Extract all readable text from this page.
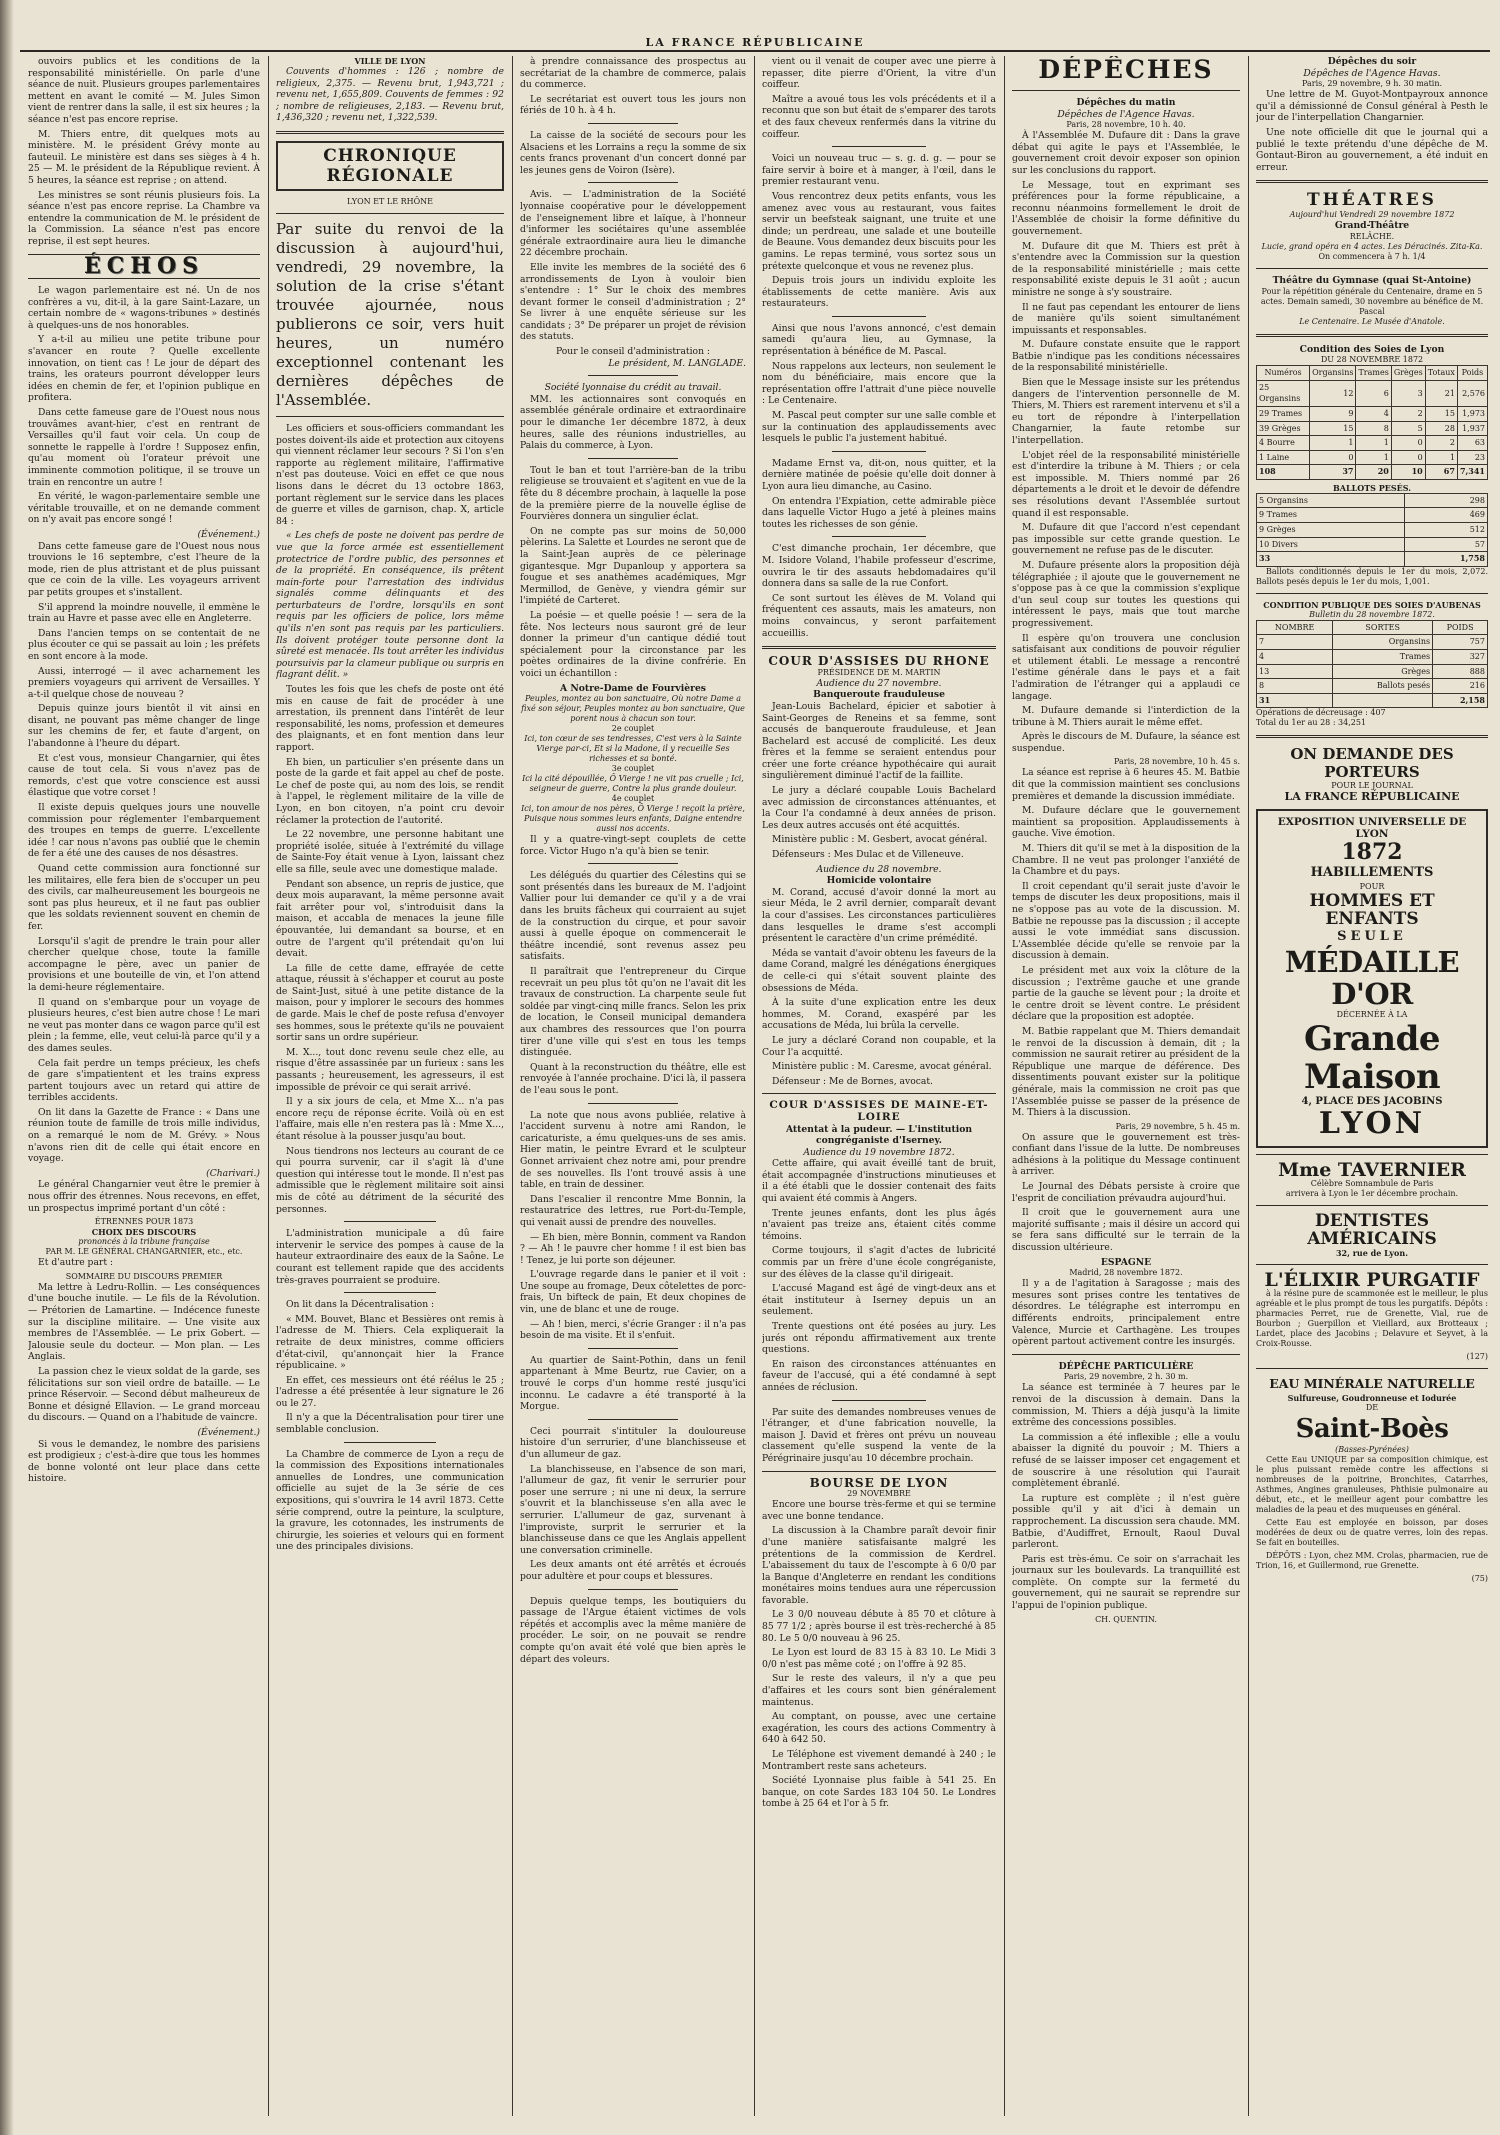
LA FRANCE RÉPUBLICAINE

ouvoirs publics et les conditions de la responsabilité ministérielle. On parle d'une séance de nuit. Plusieurs groupes parlementaires mettent en avant le comité — M. Jules Simon vient de rentrer dans la salle, il est six heures ; la séance n'est pas encore reprise.

M. Thiers entre, dit quelques mots au ministère. M. le président Grévy monte au fauteuil. Le ministère est dans ses sièges à 4 h. 25 — M. le président de la République revient. À 5 heures, la séance est reprise ; on attend.

Les ministres se sont réunis plusieurs fois. La séance n'est pas encore reprise. La Chambre va entendre la communication de M. le président de la Commission. La séance n'est pas encore reprise, il est sept heures.

ÉCHOS

Le wagon parlementaire est né. Un de nos confrères a vu, dit-il, à la gare Saint-Lazare, un certain nombre de « wagons-tribunes » destinés à quelques-uns de nos honorables.

Y a-t-il au milieu une petite tribune pour s'avancer en route ? Quelle excellente innovation, on tient cas ! Le jour de départ des trains, les orateurs pourront développer leurs idées en chemin de fer, et l'opinion publique en profitera.

Dans cette fameuse gare de l'Ouest nous nous trouvâmes avant-hier, c'est en rentrant de Versailles qu'il faut voir cela. Un coup de sonnette le rappelle à l'ordre ! Supposez enfin, qu'au moment où l'orateur prévoit une imminente commotion politique, il se trouve un train en rencontre un autre !

En vérité, le wagon-parlementaire semble une véritable trouvaille, et on ne demande comment on n'y avait pas encore songé !

(Événement.)

Dans cette fameuse gare de l'Ouest nous nous trouvions le 16 septembre, c'est l'heure de la mode, rien de plus attristant et de plus puissant que ce coin de la ville. Les voyageurs arrivent par petits groupes et s'installent.

S'il apprend la moindre nouvelle, il emmène le train au Havre et passe avec elle en Angleterre.

Dans l'ancien temps on se contentait de ne plus écouter ce qui se passait au loin ; les préfets en sont encore à la mode.

Aussi, interrogé — il avec acharnement les premiers voyageurs qui arrivent de Versailles. Y a-t-il quelque chose de nouveau ?

Depuis quinze jours bientôt il vit ainsi en disant, ne pouvant pas même changer de linge sur les chemins de fer, et faute d'argent, on l'abandonne à l'heure du départ.

Et c'est vous, monsieur Changarnier, qui êtes cause de tout cela. Si vous n'avez pas de remords, c'est que votre conscience est aussi élastique que votre corset !

Il existe depuis quelques jours une nouvelle commission pour réglementer l'embarquement des troupes en temps de guerre. L'excellente idée ! car nous n'avons pas oublié que le chemin de fer a été une des causes de nos désastres.

Quand cette commission aura fonctionné sur les militaires, elle fera bien de s'occuper un peu des civils, car malheureusement les bourgeois ne sont pas plus heureux, et il ne faut pas oublier que les soldats reviennent souvent en chemin de fer.

Lorsqu'il s'agit de prendre le train pour aller chercher quelque chose, toute la famille accompagne le père, avec un panier de provisions et une bouteille de vin, et l'on attend la demi-heure réglementaire.

Il quand on s'embarque pour un voyage de plusieurs heures, c'est bien autre chose ! Le mari ne veut pas monter dans ce wagon parce qu'il est plein ; la femme, elle, veut celui-là parce qu'il y a des dames seules.

Cela fait perdre un temps précieux, les chefs de gare s'impatientent et les trains express partent toujours avec un retard qui attire de terribles accidents.

On lit dans la Gazette de France : « Dans une réunion toute de famille de trois mille individus, on a remarqué le nom de M. Grévy. » Nous n'avons rien dit de celle qui était encore en voyage.

(Charivari.)

Le général Changarnier veut être le premier à nous offrir des étrennes. Nous recevons, en effet, un prospectus imprimé portant d'un côté :

ÉTRENNES POUR 1873
CHOIX DES DISCOURS
prononcés à la tribune française
PAR M. LE GÉNÉRAL CHANGARNIER, etc., etc.

Et d'autre part :

SOMMAIRE DU DISCOURS PREMIER

Ma lettre à Ledru-Rollin. — Les conséquences d'une bouche inutile. — Le fils de la Révolution. — Prétorien de Lamartine. — Indécence funeste sur la discipline militaire. — Une visite aux membres de l'Assemblée. — Le prix Gobert. — Jalousie seule du docteur. — Mon plan. — Les Anglais.

La passion chez le vieux soldat de la garde, ses félicitations sur son vieil ordre de bataille. — Le prince Réservoir. — Second début malheureux de Bonne et désigné Ellavion. — Le grand morceau du discours. — Quand on a l'habitude de vaincre.

(Événement.)

Si vous le demandez, le nombre des parisiens est prodigieux ; c'est-à-dire que tous les hommes de bonne volonté ont leur place dans cette histoire.

VILLE DE LYON

Couvents d'hommes : 126 ; nombre de religieux, 2,375. — Revenu brut, 1,943,721 ; revenu net, 1,655,809. Couvents de femmes : 92 ; nombre de religieuses, 2,183. — Revenu brut, 1,436,320 ; revenu net, 1,322,539.

CHRONIQUE RÉGIONALE
LYON ET LE RHÔNE
Par suite du renvoi de la discussion à aujourd'hui, vendredi, 29 novembre, la solution de la crise s'étant trouvée ajournée, nous publierons ce soir, vers huit heures, un numéro exceptionnel contenant les dernières dépêches de l'Assemblée.

Les officiers et sous-officiers commandant les postes doivent-ils aide et protection aux citoyens qui viennent réclamer leur secours ? Si l'on s'en rapporte au règlement militaire, l'affirmative n'est pas douteuse. Voici en effet ce que nous lisons dans le décret du 13 octobre 1863, portant règlement sur le service dans les places de guerre et villes de garnison, chap. X, article 84 :

« Les chefs de poste ne doivent pas perdre de vue que la force armée est essentiellement protectrice de l'ordre public, des personnes et de la propriété. En conséquence, ils prêtent main-forte pour l'arrestation des individus signalés comme délinquants et des perturbateurs de l'ordre, lorsqu'ils en sont requis par les officiers de police, lors même qu'ils n'en sont pas requis par les particuliers. Ils doivent protéger toute personne dont la sûreté est menacée. Ils tout arrêter les individus poursuivis par la clameur publique ou surpris en flagrant délit. »

Toutes les fois que les chefs de poste ont été mis en cause de fait de procéder à une arrestation, ils prennent dans l'intérêt de leur responsabilité, les noms, profession et demeures des plaignants, et en font mention dans leur rapport.

Eh bien, un particulier s'en présente dans un poste de la garde et fait appel au chef de poste. Le chef de poste qui, au nom des lois, se rendit à l'appel, le règlement militaire de la ville de Lyon, en bon citoyen, n'a point cru devoir réclamer la protection de l'autorité.

Le 22 novembre, une personne habitant une propriété isolée, située à l'extrémité du village de Sainte-Foy était venue à Lyon, laissant chez elle sa fille, seule avec une domestique malade.

Pendant son absence, un repris de justice, que deux mois auparavant, la même personne avait fait arrêter pour vol, s'introduisit dans la maison, et accabla de menaces la jeune fille épouvantée, lui demandant sa bourse, et en outre de l'argent qu'il prétendait qu'on lui devait.

La fille de cette dame, effrayée de cette attaque, réussit à s'échapper et courut au poste de Saint-Just, situé à une petite distance de la maison, pour y implorer le secours des hommes de garde. Mais le chef de poste refusa d'envoyer ses hommes, sous le prétexte qu'ils ne pouvaient sortir sans un ordre supérieur.

M. X..., tout donc revenu seule chez elle, au risque d'être assassinée par un furieux : sans les passants ; heureusement, les agresseurs, il est impossible de prévoir ce qui serait arrivé.

Il y a six jours de cela, et Mme X... n'a pas encore reçu de réponse écrite. Voilà où en est l'affaire, mais elle n'en restera pas là : Mme X..., étant résolue à la pousser jusqu'au bout.

Nous tiendrons nos lecteurs au courant de ce qui pourra survenir, car il s'agit là d'une question qui intéresse tout le monde. Il n'est pas admissible que le règlement militaire soit ainsi mis de côté au détriment de la sécurité des personnes.

L'administration municipale a dû faire intervenir le service des pompes à cause de la hauteur extraordinaire des eaux de la Saône. Le courant est tellement rapide que des accidents très-graves pourraient se produire.

On lit dans la Décentralisation :

« MM. Bouvet, Blanc et Bessières ont remis à l'adresse de M. Thiers. Cela expliquerait la retraite de deux ministres, comme officiers d'état-civil, qu'annonçait hier la France républicaine. »

En effet, ces messieurs ont été réélus le 25 ; l'adresse a été présentée à leur signature le 26 ou le 27.

Il n'y a que la Décentralisation pour tirer une semblable conclusion.

La Chambre de commerce de Lyon a reçu de la commission des Expositions internationales annuelles de Londres, une communication officielle au sujet de la 3e série de ces expositions, qui s'ouvrira le 14 avril 1873. Cette série comprend, outre la peinture, la sculpture, la gravure, les cotonnades, les instruments de chirurgie, les soieries et velours qui en forment une des principales divisions.

à prendre connaissance des prospectus au secrétariat de la chambre de commerce, palais du commerce.

Le secrétariat est ouvert tous les jours non fériés de 10 h. à 4 h.

La caisse de la société de secours pour les Alsaciens et les Lorrains a reçu la somme de six cents francs provenant d'un concert donné par les jeunes gens de Voiron (Isère).

Avis. — L'administration de la Société lyonnaise coopérative pour le développement de l'enseignement libre et laïque, à l'honneur d'informer les sociétaires qu'une assemblée générale extraordinaire aura lieu le dimanche 22 décembre prochain.

Elle invite les membres de la société des 6 arrondissements de Lyon à vouloir bien s'entendre : 1° Sur le choix des membres devant former le conseil d'administration ; 2° Se livrer à une enquête sérieuse sur les candidats ; 3° De préparer un projet de révision des statuts.

Pour le conseil d'administration :
Le président, M. LANGLADE.
Société lyonnaise du crédit au travail.

MM. les actionnaires sont convoqués en assemblée générale ordinaire et extraordinaire pour le dimanche 1er décembre 1872, à deux heures, salle des réunions industrielles, au Palais du commerce, à Lyon.

Tout le ban et tout l'arrière-ban de la tribu religieuse se trouvaient et s'agitent en vue de la fête du 8 décembre prochain, à laquelle la pose de la première pierre de la nouvelle église de Fourvières donnera un singulier éclat.

On ne compte pas sur moins de 50,000 pèlerins. La Salette et Lourdes ne seront que de la Saint-Jean auprès de ce pèlerinage gigantesque. Mgr Dupanloup y apportera sa fougue et ses anathèmes académiques, Mgr Mermillod, de Genève, y viendra gémir sur l'impiété de Carteret.

La poésie — et quelle poésie ! — sera de la fête. Nos lecteurs nous sauront gré de leur donner la primeur d'un cantique dédié tout spécialement pour la circonstance par les poètes ordinaires de la divine confrérie. En voici un échantillon :

A Notre-Dame de Fourvières
Peuples, montez au bon sanctuaire, Où notre Dame a fixé son séjour, Peuples montez au bon sanctuaire, Que porent nous à chacun son tour.
2e couplet
Ici, ton cœur de ses tendresses, C'est vers à la Sainte Vierge par-ci, Et si la Madone, il y recueille Ses richesses et sa bonté.
3e couplet
Ici la cité dépouillée, Ô Vierge ! ne vit pas cruelle ; Ici, seigneur de guerre, Contre la plus grande douleur.
4e couplet
Ici, ton amour de nos pères, Ô Vierge ! reçoit la prière, Puisque nous sommes leurs enfants, Daigne entendre aussi nos accents.

Il y a quatre-vingt-sept couplets de cette force. Victor Hugo n'a qu'à bien se tenir.

Les délégués du quartier des Célestins qui se sont présentés dans les bureaux de M. l'adjoint Vallier pour lui demander ce qu'il y a de vrai dans les bruits fâcheux qui courraient au sujet de la construction du cirque, et pour savoir aussi à quelle époque on commencerait le théâtre incendié, sont revenus assez peu satisfaits.

Il paraîtrait que l'entrepreneur du Cirque recevrait un peu plus tôt qu'on ne l'avait dit les travaux de construction. La charpente seule fut soldée par vingt-cinq mille francs. Selon les prix de location, le Conseil municipal demandera aux chambres des ressources que l'on pourra tirer d'une ville qui s'est en tous les temps distinguée.

Quant à la reconstruction du théâtre, elle est renvoyée à l'année prochaine. D'ici là, il passera de l'eau sous le pont.

La note que nous avons publiée, relative à l'accident survenu à notre ami Randon, le caricaturiste, a ému quelques-uns de ses amis. Hier matin, le peintre Evrard et le sculpteur Gonnet arrivaient chez notre ami, pour prendre de ses nouvelles. Ils l'ont trouvé assis à une table, en train de dessiner.

Dans l'escalier il rencontre Mme Bonnin, la restauratrice des lettres, rue Port-du-Temple, qui venait aussi de prendre des nouvelles.

— Eh bien, mère Bonnin, comment va Randon ? — Ah ! le pauvre cher homme ! il est bien bas ! Tenez, je lui porte son déjeuner.

L'ouvrage regarde dans le panier et il voit : Une soupe au fromage, Deux côtelettes de porc-frais, Un bifteck de pain, Et deux chopines de vin, une de blanc et une de rouge.

— Ah ! bien, merci, s'écrie Granger : il n'a pas besoin de ma visite. Et il s'enfuit.

Au quartier de Saint-Pothin, dans un fenil appartenant à Mme Beurtz, rue Cavier, on a trouvé le corps d'un homme resté jusqu'ici inconnu. Le cadavre a été transporté à la Morgue.

Ceci pourrait s'intituler la douloureuse histoire d'un serrurier, d'une blanchisseuse et d'un allumeur de gaz.

La blanchisseuse, en l'absence de son mari, l'allumeur de gaz, fit venir le serrurier pour poser une serrure ; ni une ni deux, la serrure s'ouvrit et la blanchisseuse s'en alla avec le serrurier. L'allumeur de gaz, survenant à l'improviste, surprit le serrurier et la blanchisseuse dans ce que les Anglais appellent une conversation criminelle.

Les deux amants ont été arrêtés et écroués pour adultère et pour coups et blessures.

Depuis quelque temps, les boutiquiers du passage de l'Argue étaient victimes de vols répétés et accomplis avec la même manière de procéder. Le soir, on ne pouvait se rendre compte qu'on avait été volé que bien après le départ des voleurs.

vient ou il venait de couper avec une pierre à repasser, dite pierre d'Orient, la vitre d'un coiffeur.

Maître a avoué tous les vols précédents et il a reconnu que son but était de s'emparer des tarots et des faux cheveux renfermés dans la vitrine du coiffeur.

Voici un nouveau truc — s. g. d. g. — pour se faire servir à boire et à manger, à l'œil, dans le premier restaurant venu.

Vous rencontrez deux petits enfants, vous les amenez avec vous au restaurant, vous faites servir un beefsteak saignant, une truite et une dinde; un perdreau, une salade et une bouteille de Beaune. Vous demandez deux biscuits pour les gamins. Le repas terminé, vous sortez sous un prétexte quelconque et vous ne revenez plus.

Depuis trois jours un individu exploite les établissements de cette manière. Avis aux restaurateurs.

Ainsi que nous l'avons annoncé, c'est demain samedi qu'aura lieu, au Gymnase, la représentation à bénéfice de M. Pascal.

Nous rappelons aux lecteurs, non seulement le nom du bénéficiaire, mais encore que la représentation offre l'attrait d'une pièce nouvelle : Le Centenaire.

M. Pascal peut compter sur une salle comble et sur la continuation des applaudissements avec lesquels le public l'a justement habitué.

Madame Ernst va, dit-on, nous quitter, et la dernière matinée de poésie qu'elle doit donner à Lyon aura lieu dimanche, au Casino.

On entendra l'Expiation, cette admirable pièce dans laquelle Victor Hugo a jeté à pleines mains toutes les richesses de son génie.

C'est dimanche prochain, 1er décembre, que M. Isidore Voland, l'habile professeur d'escrime, ouvrira le tir des assauts hebdomadaires qu'il donnera dans sa salle de la rue Confort.

Ce sont surtout les élèves de M. Voland qui fréquentent ces assauts, mais les amateurs, non moins convaincus, y seront parfaitement accueillis.

COUR D'ASSISES DU RHONE
PRÉSIDENCE DE M. MARTIN
Audience du 27 novembre.
Banqueroute frauduleuse

Jean-Louis Bachelard, épicier et sabotier à Saint-Georges de Reneins et sa femme, sont accusés de banqueroute frauduleuse, et Jean Bachelard est accusé de complicité. Les deux frères et la femme se seraient entendus pour créer une forte créance hypothécaire qui aurait singulièrement diminué l'actif de la faillite.

Le jury a déclaré coupable Louis Bachelard avec admission de circonstances atténuantes, et la Cour l'a condamné à deux années de prison. Les deux autres accusés ont été acquittés.

Ministère public : M. Gesbert, avocat général.

Défenseurs : Mes Dulac et de Villeneuve.

Audience du 28 novembre.
Homicide volontaire

M. Corand, accusé d'avoir donné la mort au sieur Méda, le 2 avril dernier, comparaît devant la cour d'assises. Les circonstances particulières dans lesquelles le drame s'est accompli présentent le caractère d'un crime prémédité.

Méda se vantait d'avoir obtenu les faveurs de la dame Corand, malgré les dénégations énergiques de celle-ci qui s'était souvent plainte des obsessions de Méda.

À la suite d'une explication entre les deux hommes, M. Corand, exaspéré par les accusations de Méda, lui brûla la cervelle.

Le jury a déclaré Corand non coupable, et la Cour l'a acquitté.

Ministère public : M. Caresme, avocat général.

Défenseur : Me de Bornes, avocat.

COUR D'ASSISES DE MAINE-ET-LOIRE
Attentat à la pudeur. — L'institution congréganiste d'Iserney.
Audience du 19 novembre 1872.

Cette affaire, qui avait éveillé tant de bruit, était accompagnée d'instructions minutieuses et il a été établi que le dossier contenait des faits qui avaient été commis à Angers.

Trente jeunes enfants, dont les plus âgés n'avaient pas treize ans, étaient cités comme témoins.

Corme toujours, il s'agit d'actes de lubricité commis par un frère d'une école congréganiste, sur des élèves de la classe qu'il dirigeait.

L'accusé Magand est âgé de vingt-deux ans et était instituteur à Iserney depuis un an seulement.

Trente questions ont été posées au jury. Les jurés ont répondu affirmativement aux trente questions.

En raison des circonstances atténuantes en faveur de l'accusé, qui a été condamné à sept années de réclusion.

Par suite des demandes nombreuses venues de l'étranger, et d'une fabrication nouvelle, la maison J. David et frères ont prévu un nouveau classement qu'elle suspend la vente de la Pérégrinaire jusqu'au 10 décembre prochain.

BOURSE DE LYON
29 NOVEMBRE

Encore une bourse très-ferme et qui se termine avec une bonne tendance.

La discussion à la Chambre paraît devoir finir d'une manière satisfaisante malgré les prétentions de la commission de Kerdrel. L'abaissement du taux de l'escompte à 6 0/0 par la Banque d'Angleterre en rendant les conditions monétaires moins tendues aura une répercussion favorable.

Le 3 0/0 nouveau débute à 85 70 et clôture à 85 77 1/2 ; après bourse il est très-recherché à 85 80. Le 5 0/0 nouveau à 96 25.

Le Lyon est lourd de 83 15 à 83 10. Le Midi 3 0/0 n'est pas même coté ; on l'offre à 92 85.

Sur le reste des valeurs, il n'y a que peu d'affaires et les cours sont bien généralement maintenus.

Au comptant, on pousse, avec une certaine exagération, les cours des actions Commentry à 640 à 642 50.

Le Téléphone est vivement demandé à 240 ; le Montrambert reste sans acheteurs.

Société Lyonnaise plus faible à 541 25. En banque, on cote Sardes 183 104 50. Le Londres tombe à 25 64 et l'or à 5 fr.

DÉPÊCHES
Dépêches du matin
Dépêches de l'Agence Havas.
Paris, 28 novembre, 10 h. 40.

À l'Assemblée M. Dufaure dit : Dans la grave débat qui agite le pays et l'Assemblée, le gouvernement croit devoir exposer son opinion sur les conclusions du rapport.

Le Message, tout en exprimant ses préférences pour la forme républicaine, a reconnu néanmoins formellement le droit de l'Assemblée de choisir la forme définitive du gouvernement.

M. Dufaure dit que M. Thiers est prêt à s'entendre avec la Commission sur la question de la responsabilité ministérielle ; mais cette responsabilité existe depuis le 31 août ; aucun ministre ne songe à s'y soustraire.

Il ne faut pas cependant les entourer de liens de manière qu'ils soient simultanément impuissants et responsables.

M. Dufaure constate ensuite que le rapport Batbie n'indique pas les conditions nécessaires de la responsabilité ministérielle.

Bien que le Message insiste sur les prétendus dangers de l'intervention personnelle de M. Thiers, M. Thiers est rarement intervenu et s'il a eu tort de répondre à l'interpellation Changarnier, la faute retombe sur l'interpellation.

L'objet réel de la responsabilité ministérielle est d'interdire la tribune à M. Thiers ; or cela est impossible. M. Thiers nommé par 26 départements a le droit et le devoir de défendre ses résolutions devant l'Assemblée surtout quand il est responsable.

M. Dufaure dit que l'accord n'est cependant pas impossible sur cette grande question. Le gouvernement ne refuse pas de le discuter.

M. Dufaure présente alors la proposition déjà télégraphiée ; il ajoute que le gouvernement ne s'oppose pas à ce que la commission s'explique d'un seul coup sur toutes les questions qui intéressent le pays, mais que tout marche progressivement.

Il espère qu'on trouvera une conclusion satisfaisant aux conditions de pouvoir régulier et utilement établi. Le message a rencontré l'estime générale dans le pays et a fait l'admiration de l'étranger qui a applaudi ce langage.

M. Dufaure demande si l'interdiction de la tribune à M. Thiers aurait le même effet.

Après le discours de M. Dufaure, la séance est suspendue.

Paris, 28 novembre, 10 h. 45 s.

La séance est reprise à 6 heures 45. M. Batbie dit que la commission maintient ses conclusions premières et demande la discussion immédiate.

M. Dufaure déclare que le gouvernement maintient sa proposition. Applaudissements à gauche. Vive émotion.

M. Thiers dit qu'il se met à la disposition de la Chambre. Il ne veut pas prolonger l'anxiété de la Chambre et du pays.

Il croit cependant qu'il serait juste d'avoir le temps de discuter les deux propositions, mais il ne s'oppose pas au vote de la discussion. M. Batbie ne repousse pas la discussion ; il accepte aussi le vote immédiat sans discussion. L'Assemblée décide qu'elle se renvoie par la discussion à demain.

Le président met aux voix la clôture de la discussion ; l'extrême gauche et une grande partie de la gauche se lèvent pour ; la droite et le centre droit se lèvent contre. Le président déclare que la proposition est adoptée.

M. Batbie rappelant que M. Thiers demandait le renvoi de la discussion à demain, dit ; la commission ne saurait retirer au président de la République une marque de déférence. Des dissentiments pouvant exister sur la politique générale, mais la commission ne croit pas que l'Assemblée puisse se passer de la présence de M. Thiers à la discussion.

Paris, 29 novembre, 5 h. 45 m.

On assure que le gouvernement est très-confiant dans l'issue de la lutte. De nombreuses adhésions à la politique du Message continuent à arriver.

Le Journal des Débats persiste à croire que l'esprit de conciliation prévaudra aujourd'hui.

Il croit que le gouvernement aura une majorité suffisante ; mais il désire un accord qui se fera sans difficulté sur le terrain de la discussion ultérieure.

ESPAGNE
Madrid, 28 novembre 1872.

Il y a de l'agitation à Saragosse ; mais des mesures sont prises contre les tentatives de désordres. Le télégraphe est interrompu en différents endroits, principalement entre Valence, Murcie et Carthagène. Les troupes opèrent partout activement contre les insurgés.

DÉPÊCHE PARTICULIÈRE
Paris, 29 novembre, 2 h. 30 m.

La séance est terminée à 7 heures par le renvoi de la discussion à demain. Dans la commission, M. Thiers a déjà jusqu'à la limite extrême des concessions possibles.

La commission a été inflexible ; elle a voulu abaisser la dignité du pouvoir ; M. Thiers a refusé de se laisser imposer cet engagement et de souscrire à une résolution qui l'aurait complètement ébranlé.

La rupture est complète ; il n'est guère possible qu'il y ait d'ici à demain un rapprochement. La discussion sera chaude. MM. Batbie, d'Audiffret, Ernoult, Raoul Duval parleront.

Paris est très-ému. Ce soir on s'arrachait les journaux sur les boulevards. La tranquillité est complète. On compte sur la fermeté du gouvernement, qui ne saurait se reprendre sur l'appui de l'opinion publique.

CH. QUENTIN.
Dépêches du soir
Dépêches de l'Agence Havas.
Paris, 29 novembre, 9 h. 30 matin.

Une lettre de M. Guyot-Montpayroux annonce qu'il a démissionné de Consul général à Pesth le jour de l'interpellation Changarnier.

Une note officielle dit que le journal qui a publié le texte prétendu d'une dépêche de M. Gontaut-Biron au gouvernement, a été induit en erreur.

THÉATRES
Aujourd'hui Vendredi 29 novembre 1872
Grand-Théâtre
RELÂCHE.
Lucie, grand opéra en 4 actes. Les Déracinés. Zita-Ka.
On commencera à 7 h. 1/4
Théâtre du Gymnase (quai St-Antoine)
Pour la répétition générale du Centenaire, drame en 5 actes. Demain samedi, 30 novembre au bénéfice de M. Pascal
Le Centenaire. Le Musée d'Anatole.
Condition des Soies de Lyon
DU 28 NOVEMBRE 1872
Numéros	Organsins	Trames	Grèges	Totaux	Poids
25 Organsins	12	6	3	21	2,576
29 Trames	9	4	2	15	1,973
39 Grèges	15	8	5	28	1,937
4 Bourre	1	1	0	2	63
1 Laine	0	1	0	1	23
108	37	20	10	67	7,341
BALLOTS PESÉS.
5 Organsins	298
9 Trames	469
9 Grèges	512
10 Divers	57
33	1,758

Ballots conditionnés depuis le 1er du mois, 2,072. Ballots pesés depuis le 1er du mois, 1,001.

CONDITION PUBLIQUE DES SOIES D'AUBENAS
Bulletin du 28 novembre 1872.
NOMBRE	SORTES	POIDS
7	Organsins	757
4	Trames	327
13	Grèges	888
8	Ballots pesés	216
31		2,158
Opérations de décreusage : 407
Total du 1er au 28 : 34,251
ON DEMANDE DES PORTEURS
POUR LE JOURNAL
LA FRANCE RÉPUBLICAINE
EXPOSITION UNIVERSELLE DE LYON
1872
HABILLEMENTS
POUR
HOMMES ET ENFANTS
SEULE
MÉDAILLE D'OR
DÉCERNÉE À LA
Grande Maison
4, PLACE DES JACOBINS
LYON
Mme TAVERNIER
Célèbre Somnambule de Paris
arrivera à Lyon le 1er décembre prochain.
DENTISTES AMÉRICAINS
32, rue de Lyon.
L'ÉLIXIR PURGATIF

à la résine pure de scammonée est le meilleur, le plus agréable et le plus prompt de tous les purgatifs. Dépôts : pharmacies Perret, rue de Grenette, Vial, rue de Bourbon ; Guerpillon et Vieillard, aux Brotteaux ; Lardet, place des Jacobins ; Delavure et Seyvet, à la Croix-Rousse.

(127)
EAU MINÉRALE NATURELLE
Sulfureuse, Goudronneuse et Iodurée
DE
Saint-Boès
(Basses-Pyrénées)

Cette Eau UNIQUE par sa composition chimique, est le plus puissant remède contre les affections si nombreuses de la poitrine, Bronchites, Catarrhes, Asthmes, Angines granuleuses, Phthisie pulmonaire au début, etc., et le meilleur agent pour combattre les maladies de la peau et des muqueuses en général.

Cette Eau est employée en boisson, par doses modérées de deux ou de quatre verres, loin des repas. Se fait en bouteilles.

DÉPÔTS : Lyon, chez MM. Crolas, pharmacien, rue de Trion, 16, et Guillermond, rue Grenette.

(75)
